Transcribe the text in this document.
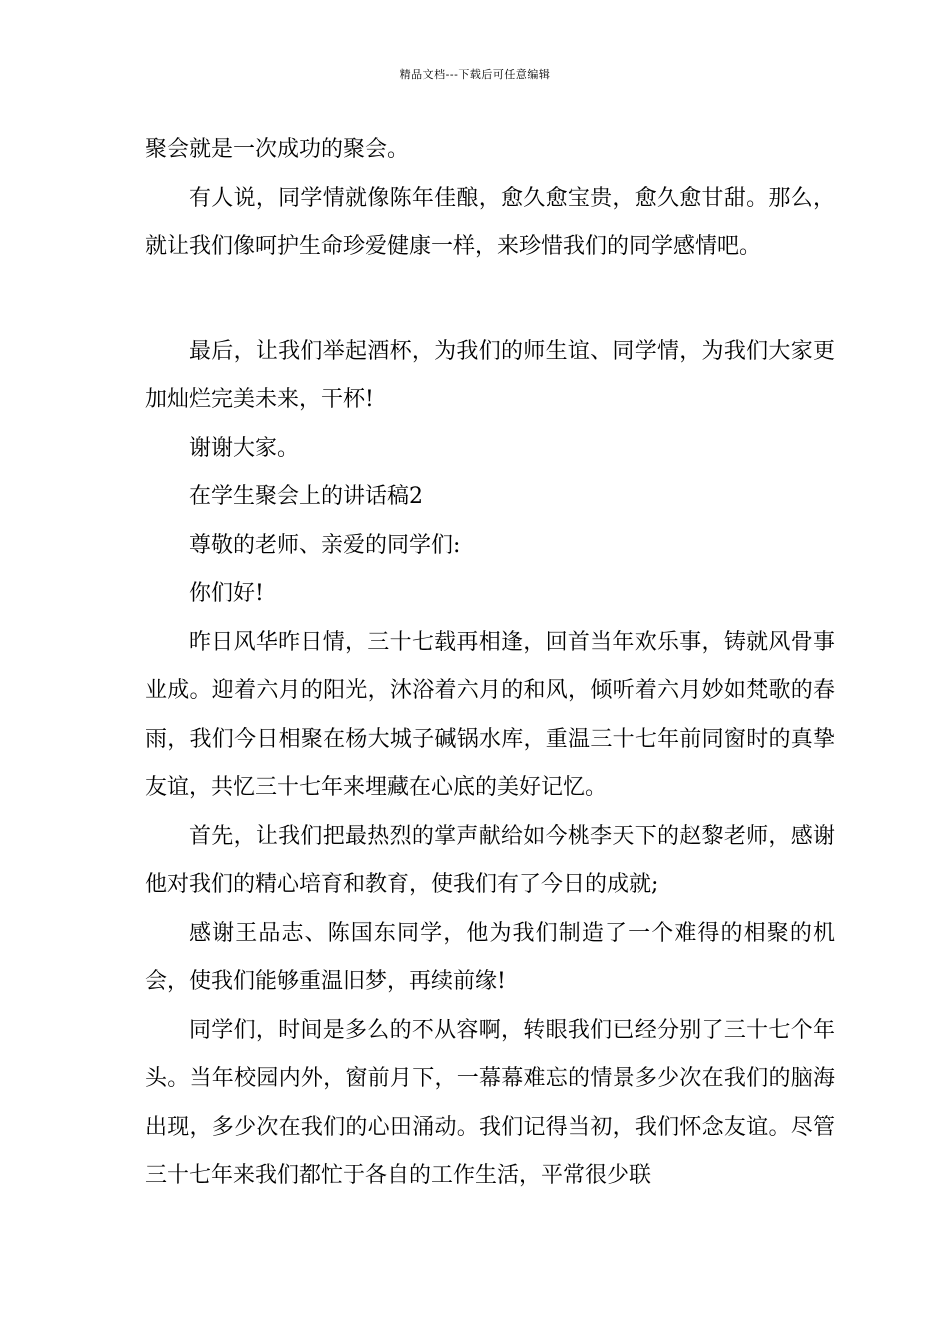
精品文档---下载后可任意编辑

聚会就是一次成功的聚会。

有人说，同学情就像陈年佳酿，愈久愈宝贵，愈久愈甘甜。那么，就让我们像呵护生命珍爱健康一样，来珍惜我们的同学感情吧。

最后，让我们举起酒杯，为我们的师生谊、同学情，为我们大家更加灿烂完美未来，干杯!

谢谢大家。

在学生聚会上的讲话稿2

尊敬的老师、亲爱的同学们:

你们好!

昨日风华昨日情，三十七载再相逢，回首当年欢乐事，铸就风骨事业成。迎着六月的阳光，沐浴着六月的和风，倾听着六月妙如梵歌的春雨，我们今日相聚在杨大城子碱锅水库，重温三十七年前同窗时的真挚友谊，共忆三十七年来埋藏在心底的美好记忆。

首先，让我们把最热烈的掌声献给如今桃李天下的赵黎老师，感谢他对我们的精心培育和教育，使我们有了今日的成就;

感谢王品志、陈国东同学，他为我们制造了一个难得的相聚的机会，使我们能够重温旧梦，再续前缘!

同学们，时间是多么的不从容啊，转眼我们已经分别了三十七个年头。当年校园内外，窗前月下，一幕幕难忘的情景多少次在我们的脑海出现，多少次在我们的心田涌动。我们记得当初，我们怀念友谊。尽管三十七年来我们都忙于各自的工作生活，平常很少联
